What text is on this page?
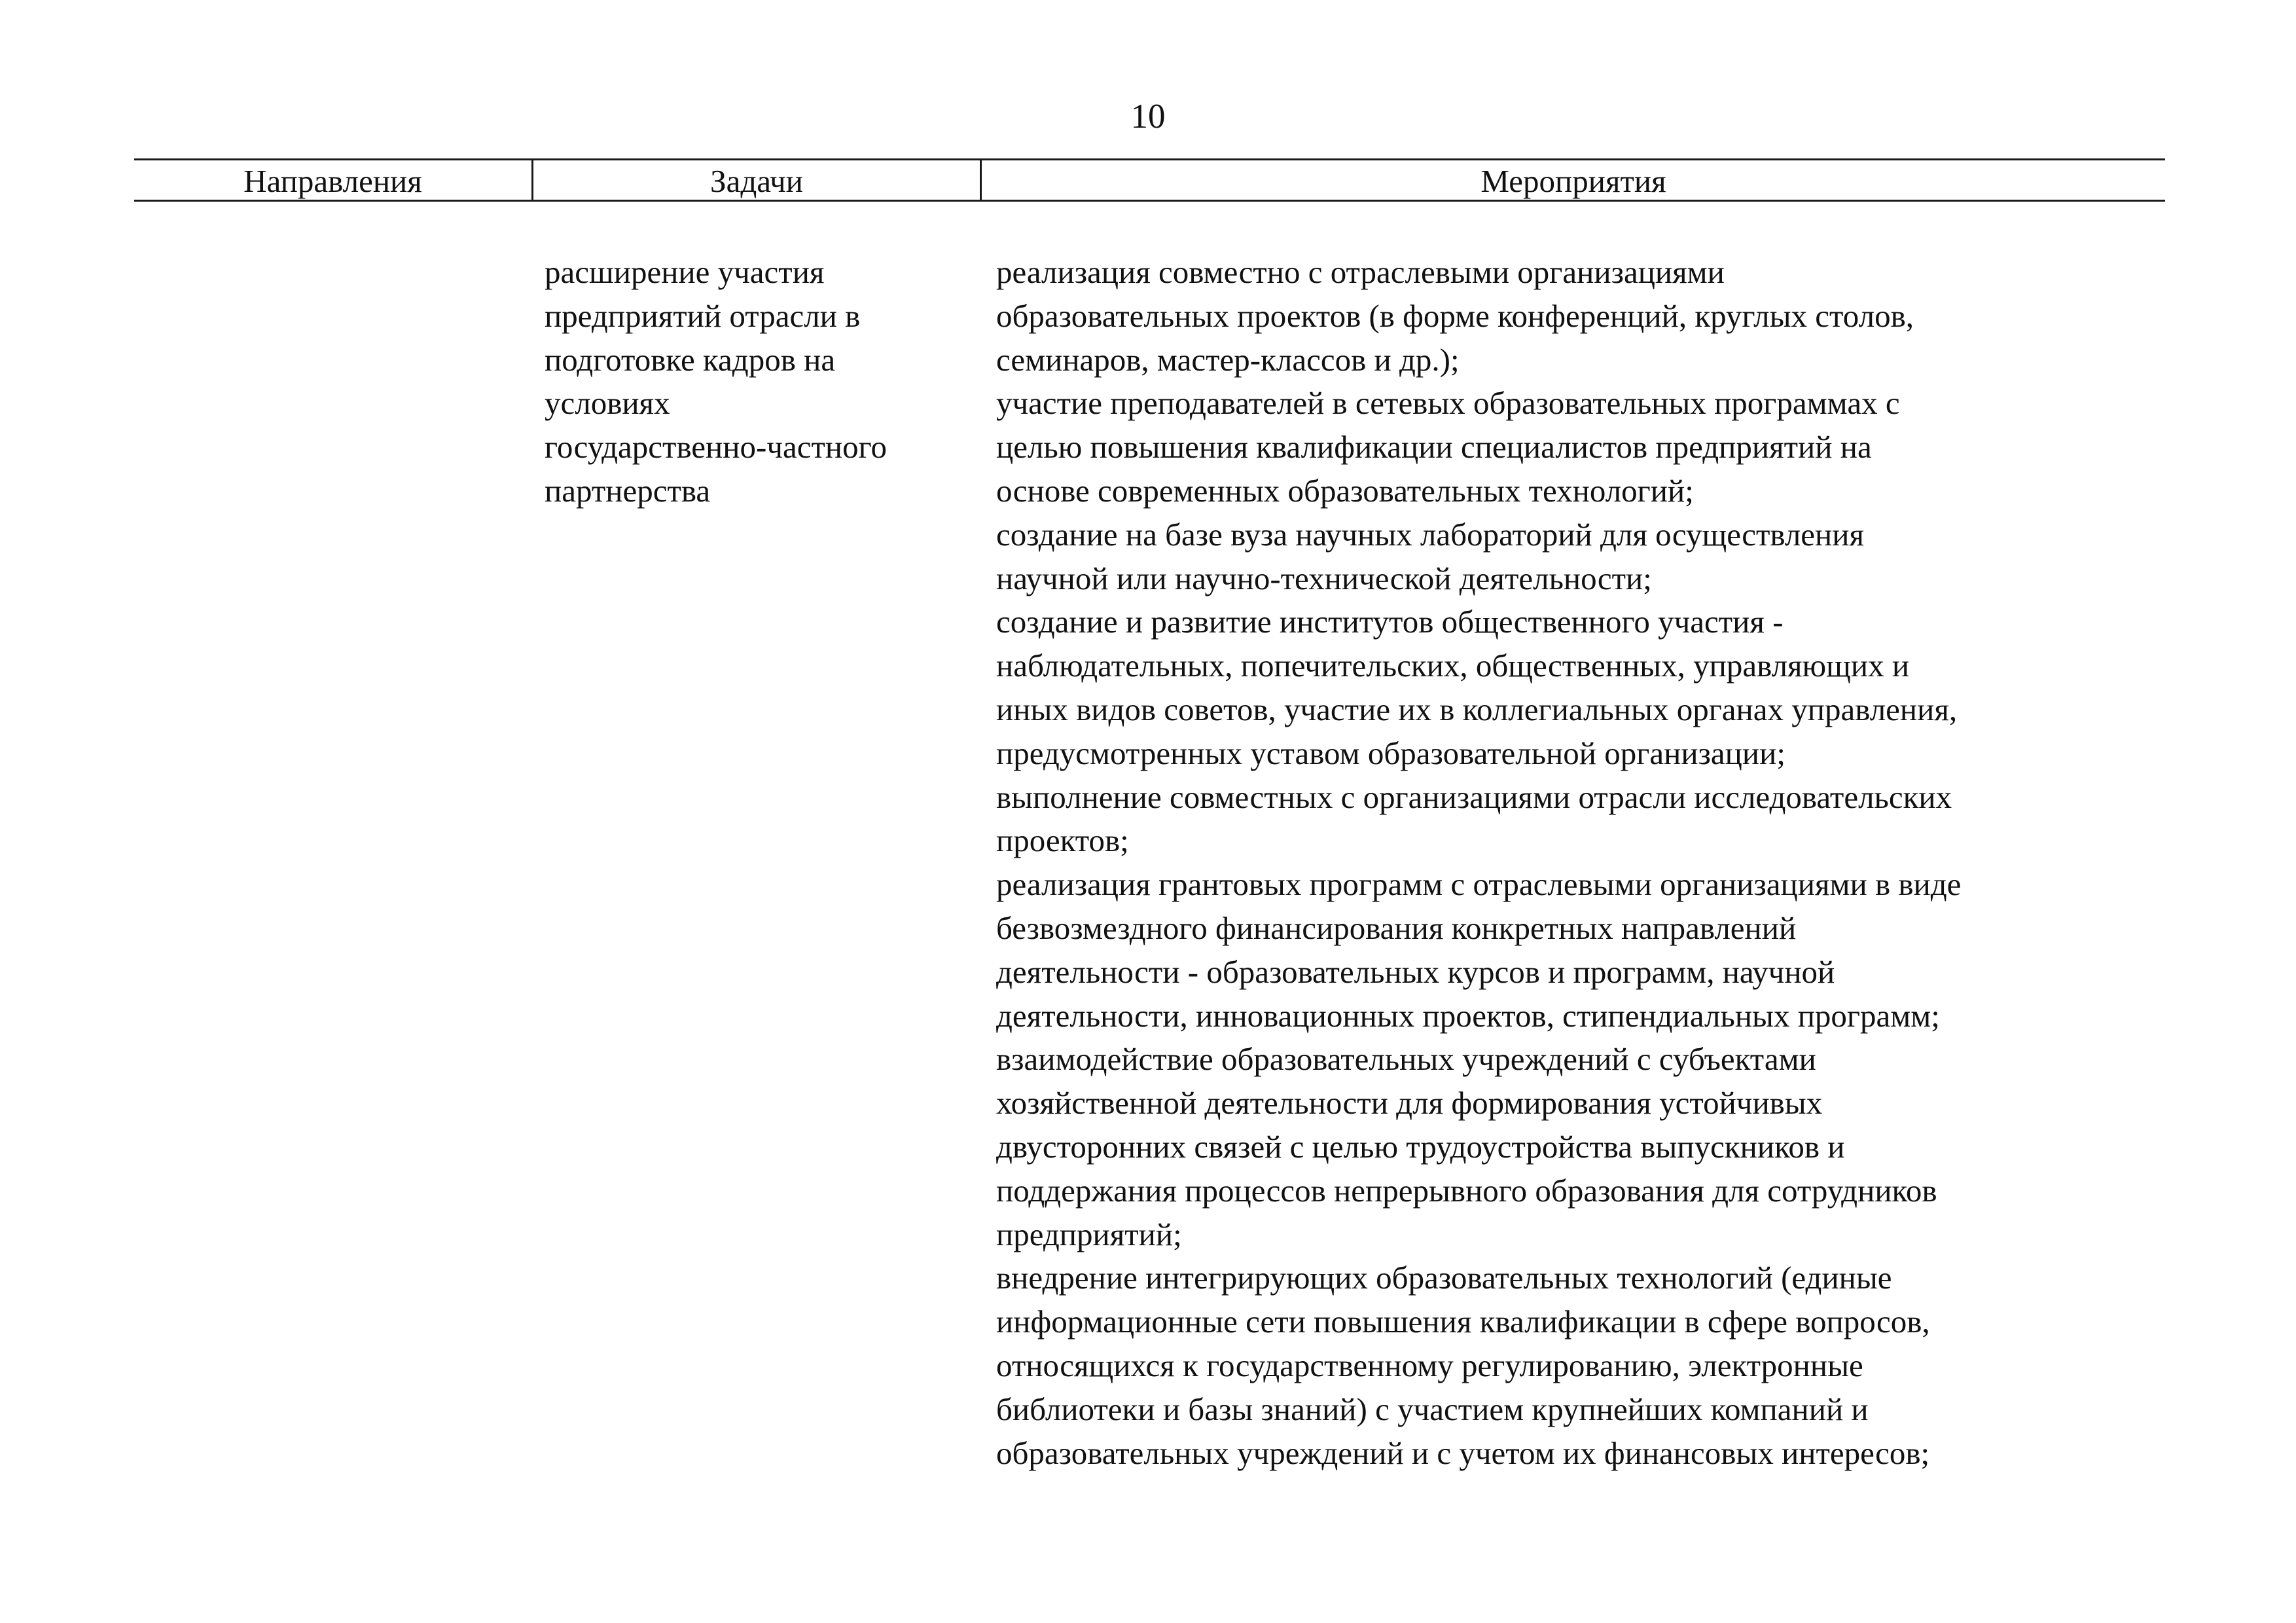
10
Направления	Задачи	Мероприятия
расширение участия
предприятий отрасли в
подготовке кадров на
условиях
государственно-частного
партнерства
реализация совместно с отраслевыми организациями
образовательных проектов (в форме конференций, круглых столов,
семинаров, мастер-классов и др.);
участие преподавателей в сетевых образовательных программах с
целью повышения квалификации специалистов предприятий на
основе современных образовательных технологий;
создание на базе вуза научных лабораторий для осуществления
научной или научно-технической деятельности;
создание и развитие институтов общественного участия -
наблюдательных, попечительских, общественных, управляющих и
иных видов советов, участие их в коллегиальных органах управления,
предусмотренных уставом образовательной организации;
выполнение совместных с организациями отрасли исследовательских
проектов;
реализация грантовых программ с отраслевыми организациями в виде
безвозмездного финансирования конкретных направлений
деятельности - образовательных курсов и программ, научной
деятельности, инновационных проектов, стипендиальных программ;
взаимодействие образовательных учреждений с субъектами
хозяйственной деятельности для формирования устойчивых
двусторонних связей с целью трудоустройства выпускников и
поддержания процессов непрерывного образования для сотрудников
предприятий;
внедрение интегрирующих образовательных технологий (единые
информационные сети повышения квалификации в сфере вопросов,
относящихся к государственному регулированию, электронные
библиотеки и базы знаний) с участием крупнейших компаний и
образовательных учреждений и с учетом их финансовых интересов;
